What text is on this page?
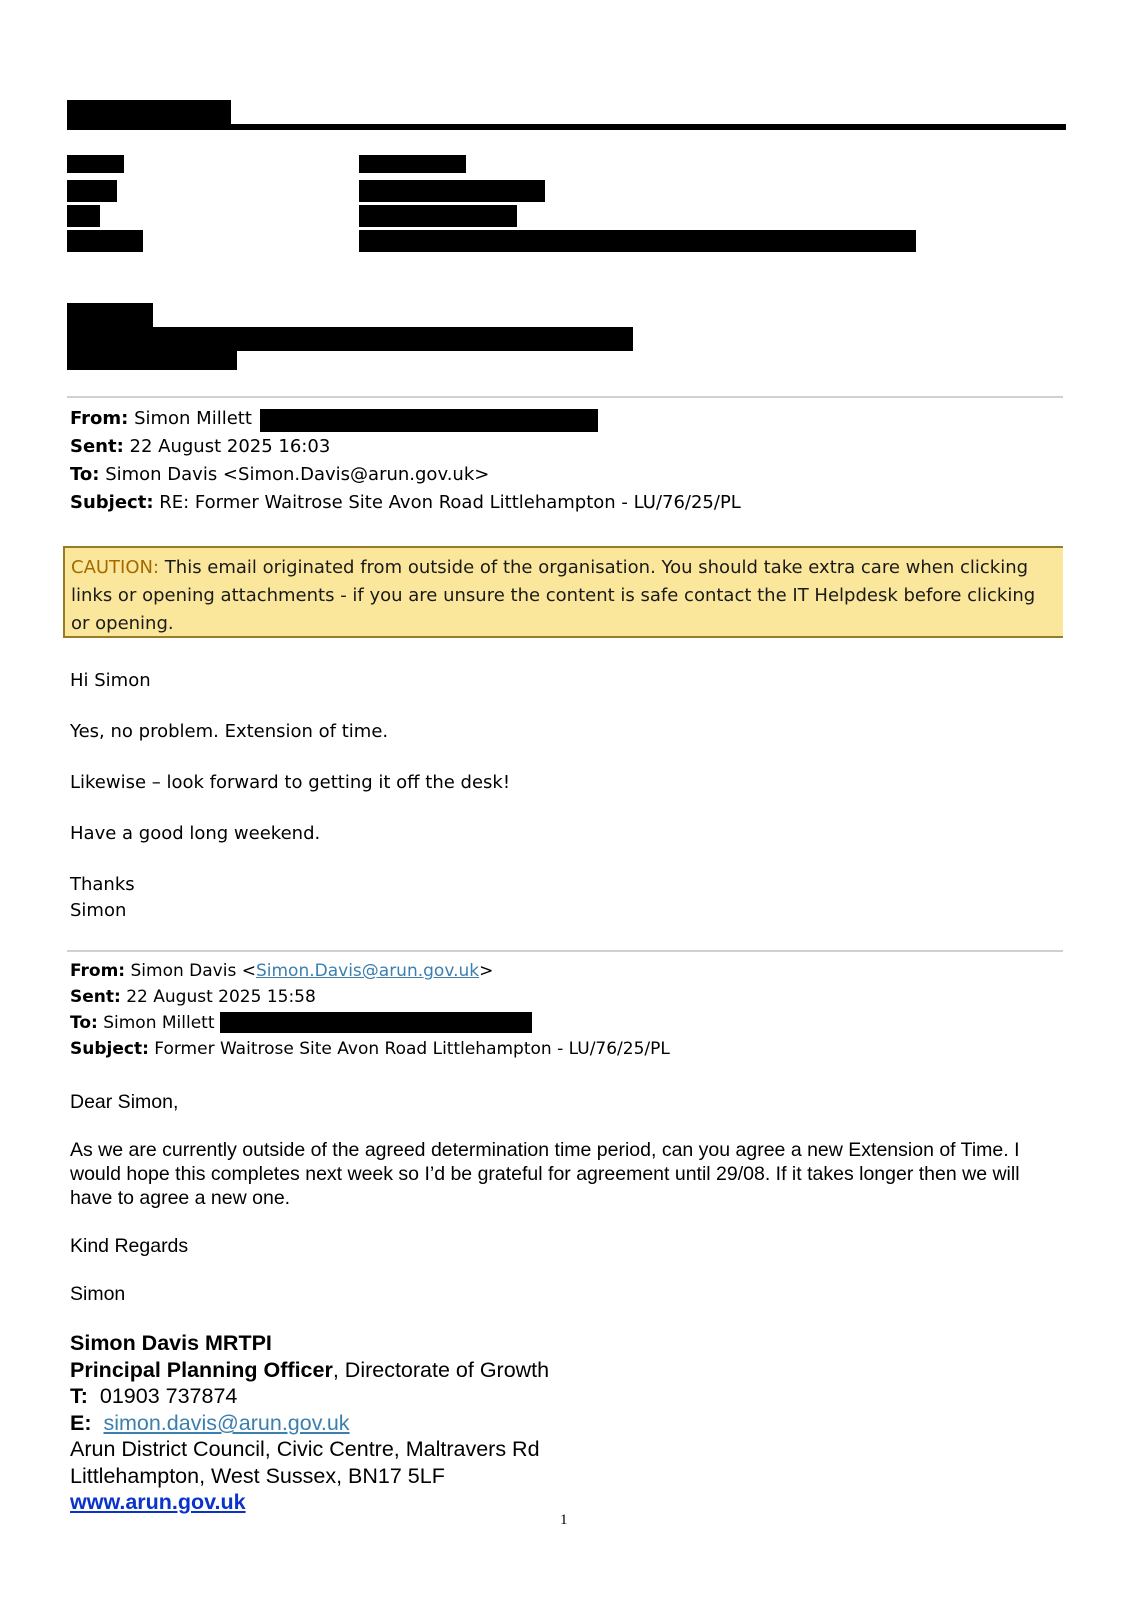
From: Simon Millett
Sent: 22 August 2025 16:03
To: Simon Davis <Simon.Davis@arun.gov.uk>
Subject: RE: Former Waitrose Site Avon Road Littlehampton - LU/76/25/PL
CAUTION: This email originated from outside of the organisation. You should take extra care when clicking links or opening attachments - if you are unsure the content is safe contact the IT Helpdesk before clicking or opening.
Hi Simon
Yes, no problem. Extension of time.
Likewise – look forward to getting it off the desk!
Have a good long weekend.
Thanks
Simon
From: Simon Davis <Simon.Davis@arun.gov.uk>
Sent: 22 August 2025 15:58
To: Simon Millett
Subject: Former Waitrose Site Avon Road Littlehampton - LU/76/25/PL
Dear Simon,
As we are currently outside of the agreed determination time period, can you agree a new Extension of Time. I would hope this completes next week so I’d be grateful for agreement until 29/08. If it takes longer then we will have to agree a new one.
Kind Regards
Simon
Simon Davis MRTPI
Principal Planning Officer, Directorate of Growth
T: 01903 737874
E: simon.davis@arun.gov.uk
Arun District Council, Civic Centre, Maltravers Rd
Littlehampton, West Sussex, BN17 5LF
www.arun.gov.uk
1
